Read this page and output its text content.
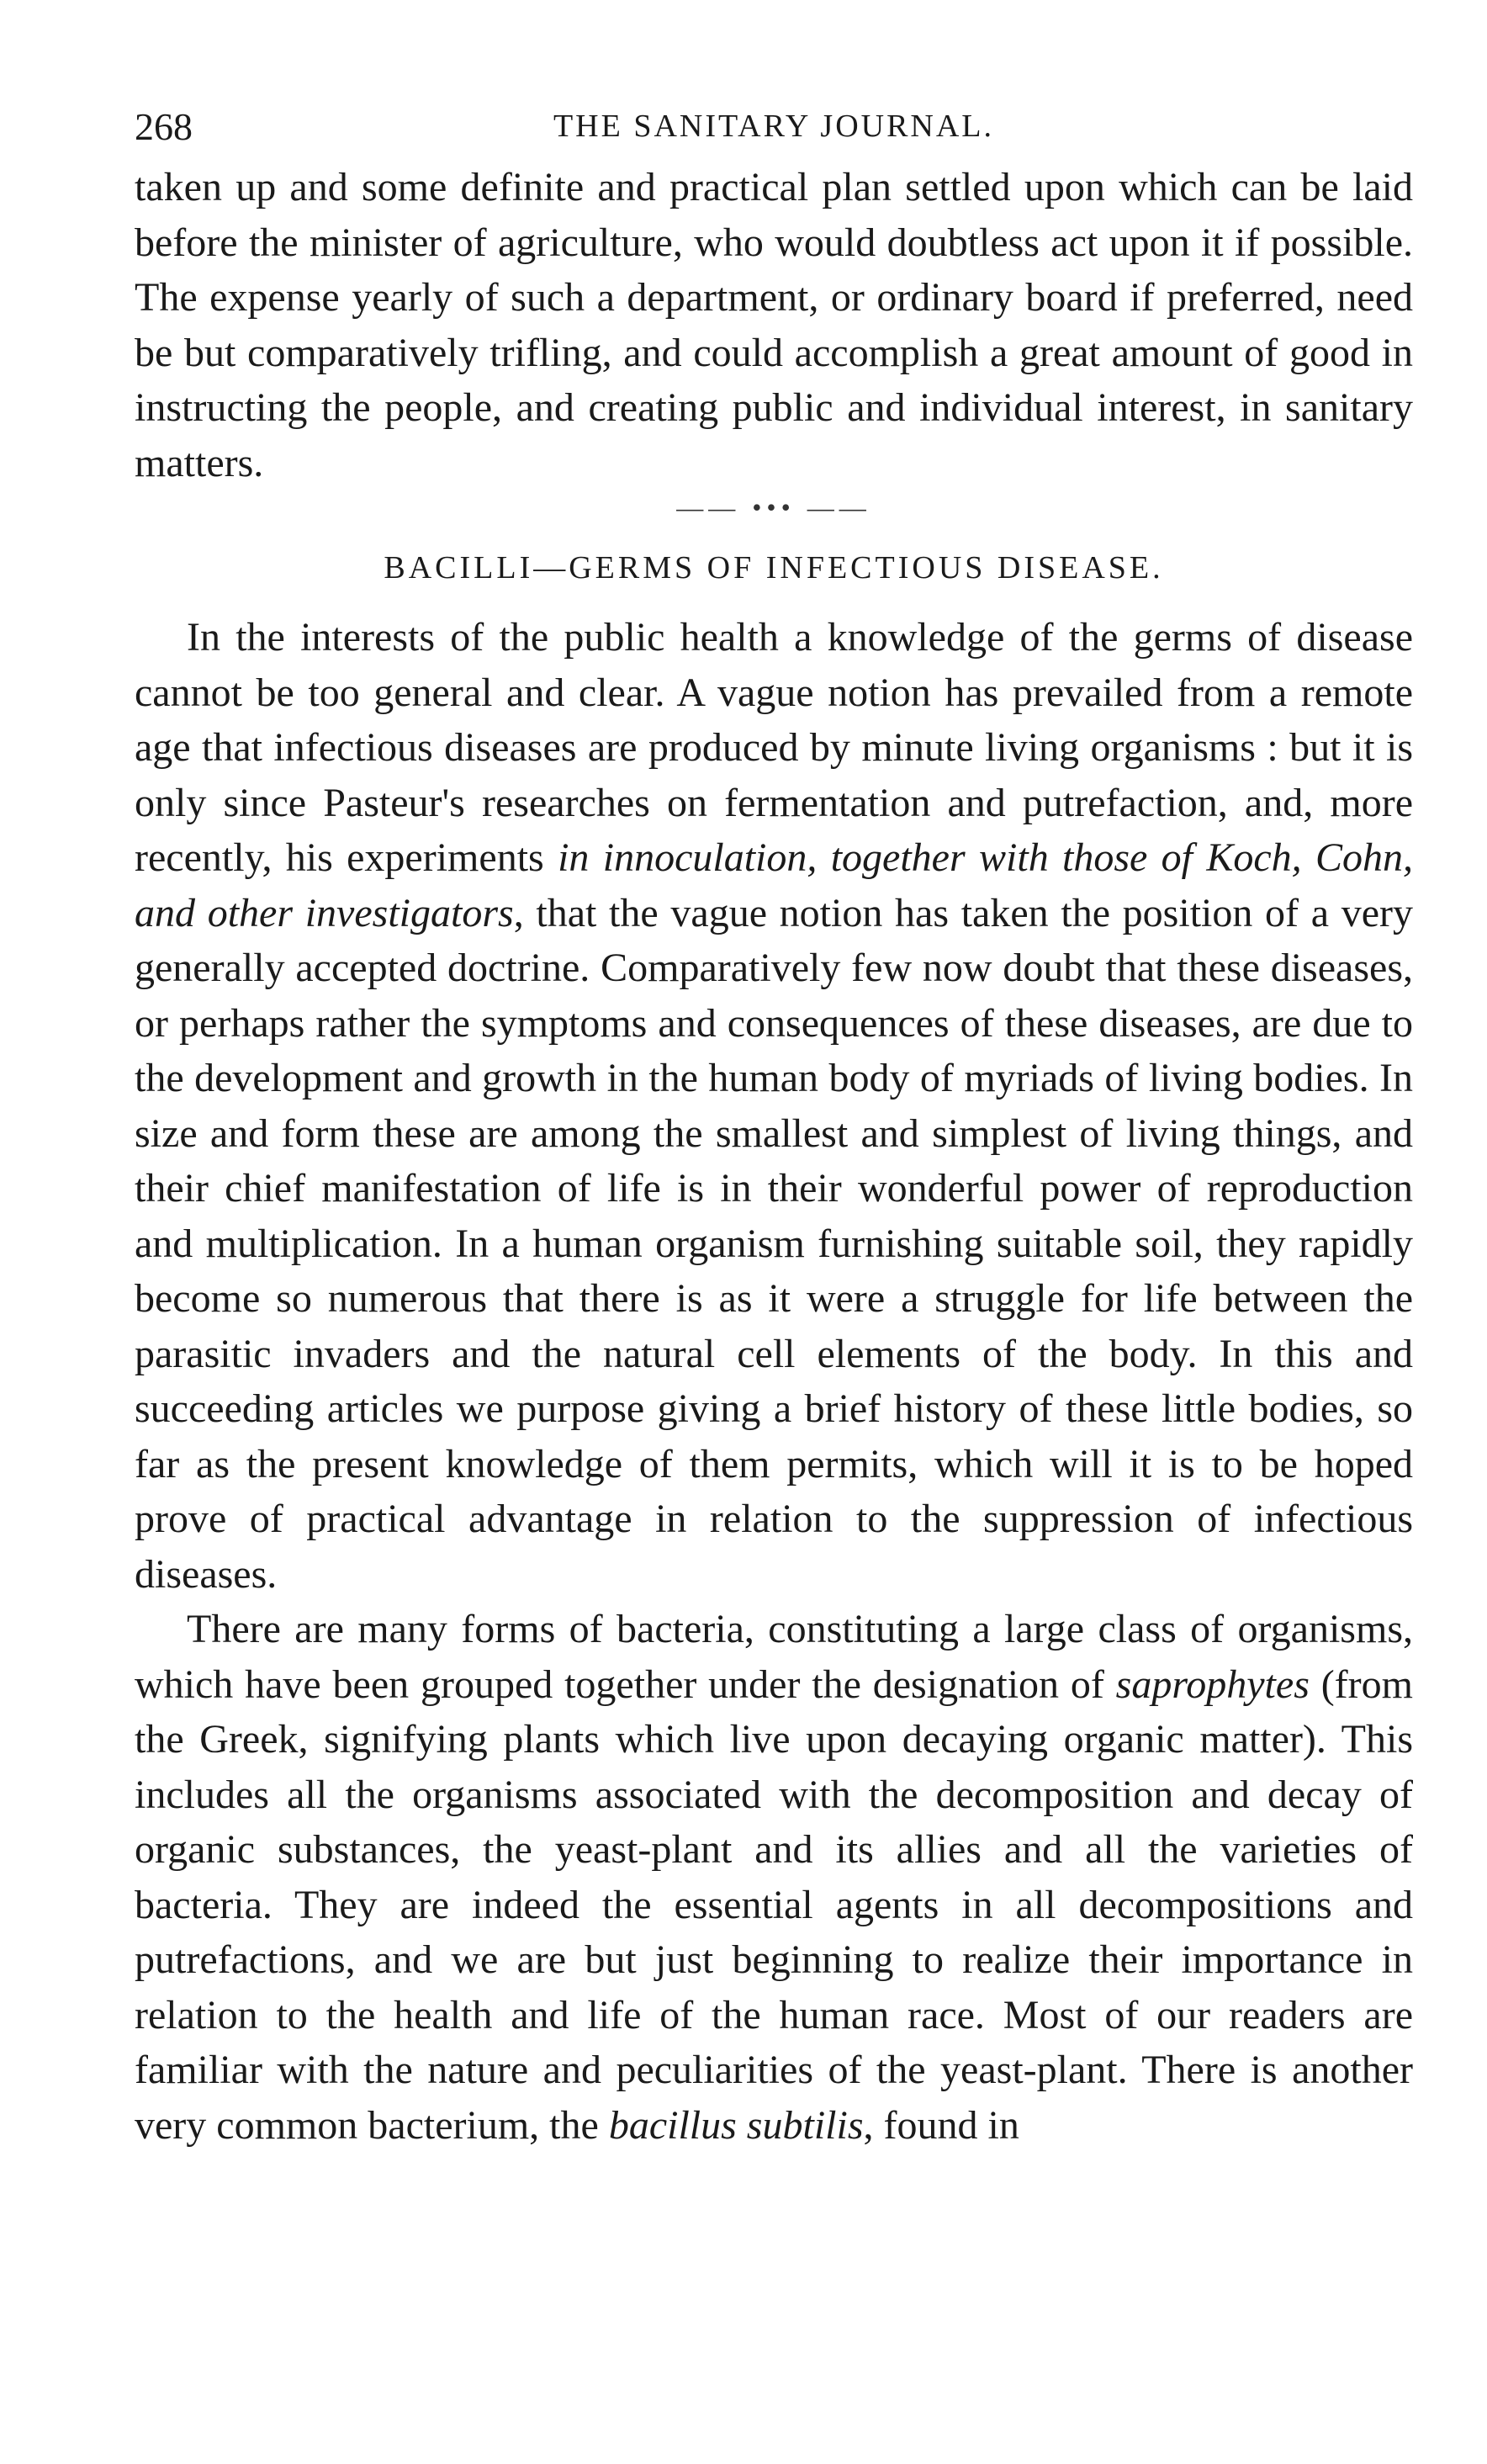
268	THE SANITARY JOURNAL.

taken up and some definite and practical plan settled upon which can be laid before the minister of agriculture, who would doubtless act upon it if possible. The expense yearly of such a department, or ordinary board if preferred, need be but comparatively trifling, and could accomplish a great amount of good in instructing the people, and creating public and individual interest, in sanitary matters.

—— ••• ——
BACILLI—GERMS OF INFECTIOUS DISEASE.

In the interests of the public health a knowledge of the germs of disease cannot be too general and clear. A vague notion has prevailed from a remote age that infectious diseases are produced by minute living organisms : but it is only since Pasteur's researches on fermentation and putrefaction, and, more recently, his experiments in innoculation, together with those of Koch, Cohn, and other investigators, that the vague notion has taken the position of a very generally accepted doctrine. Comparatively few now doubt that these diseases, or perhaps rather the symptoms and consequences of these diseases, are due to the development and growth in the human body of myriads of living bodies. In size and form these are among the smallest and simplest of living things, and their chief manifestation of life is in their wonderful power of reproduction and multiplication. In a human organism furnishing suitable soil, they rapidly become so numerous that there is as it were a struggle for life between the parasitic invaders and the natural cell elements of the body. In this and succeeding articles we purpose giving a brief history of these little bodies, so far as the present knowledge of them permits, which will it is to be hoped prove of practical advantage in relation to the suppression of infectious diseases.

There are many forms of bacteria, constituting a large class of organisms, which have been grouped together under the designation of saprophytes (from the Greek, signifying plants which live upon decaying organic matter). This includes all the organisms associated with the decomposition and decay of organic substances, the yeast-plant and its allies and all the varieties of bacteria. They are indeed the essential agents in all decompositions and putrefactions, and we are but just beginning to realize their importance in relation to the health and life of the human race. Most of our readers are familiar with the nature and peculiarities of the yeast-plant. There is another very common bacterium, the bacillus subtilis, found in
